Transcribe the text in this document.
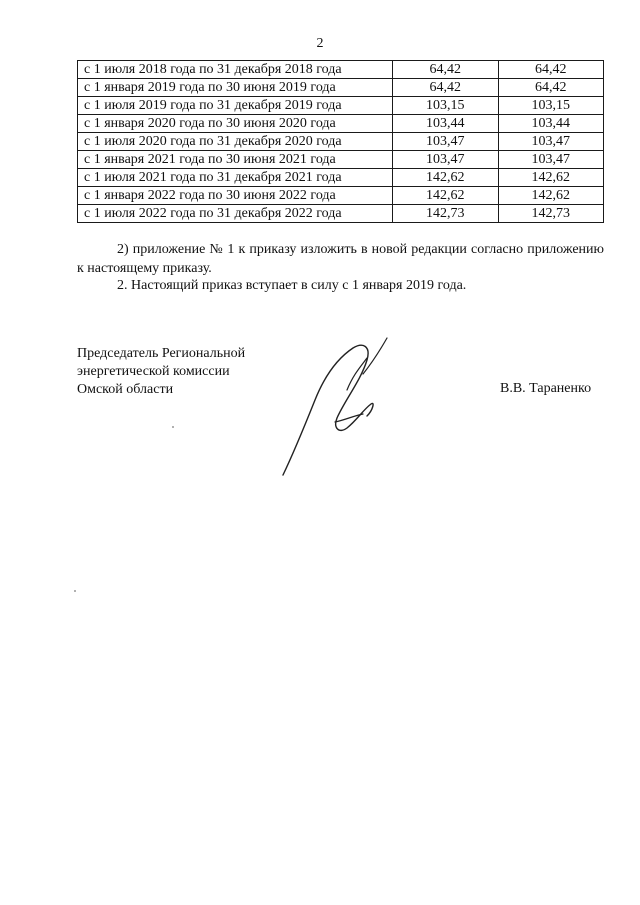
2
с 1 июля 2018 года по 31 декабря 2018 года	64,42	64,42
с 1 января 2019 года по 30 июня 2019 года	64,42	64,42
с 1 июля 2019 года по 31 декабря 2019 года	103,15	103,15
с 1 января 2020 года по 30 июня 2020 года	103,44	103,44
с 1 июля 2020 года по 31 декабря 2020 года	103,47	103,47
с 1 января 2021 года по 30 июня 2021 года	103,47	103,47
с 1 июля 2021 года по 31 декабря 2021 года	142,62	142,62
с 1 января 2022 года по 30 июня 2022 года	142,62	142,62
с 1 июля 2022 года по 31 декабря 2022 года	142,73	142,73
2) приложение № 1 к приказу изложить в новой редакции согласно приложению к настоящему приказу.
2. Настоящий приказ вступает в силу с 1 января 2019 года.
Председатель Региональной
энергетической комиссии
Омской области	В.В. Тараненко
